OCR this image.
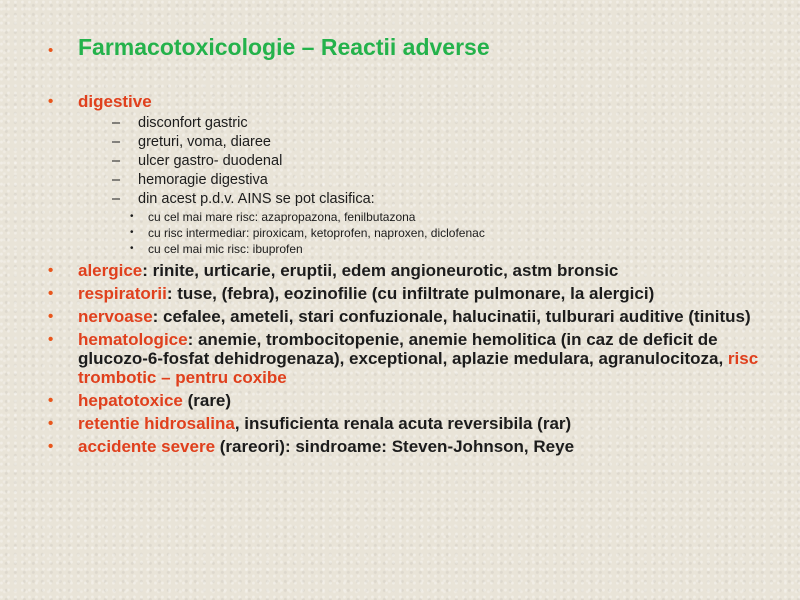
•	Farmacotoxicologie – Reactii adverse
•	digestive
–	disconfort gastric
–	greturi, voma, diaree
–	ulcer gastro- duodenal
–	hemoragie digestiva
–	din acest p.d.v. AINS se pot clasifica:
•	cu cel mai mare risc: azapropazona, fenilbutazona
•	cu risc intermediar: piroxicam, ketoprofen, naproxen, diclofenac
•	cu cel mai mic risc: ibuprofen
•	alergice: rinite, urticarie, eruptii, edem angioneurotic, astm bronsic
•	respiratorii: tuse, (febra), eozinofilie (cu infiltrate pulmonare, la alergici)
•	nervoase: cefalee, ameteli, stari confuzionale, halucinatii, tulburari auditive (tinitus)
•	hematologice: anemie, trombocitopenie, anemie hemolitica (in caz de deficit de glucozo-6-fosfat dehidrogenaza), exceptional, aplazie medulara, agranulocitoza, risc trombotic – pentru coxibe
•	hepatotoxice (rare)
•	retentie hidrosalina, insuficienta renala acuta reversibila (rar)
•	accidente severe (rareori): sindroame: Steven-Johnson, Reye
